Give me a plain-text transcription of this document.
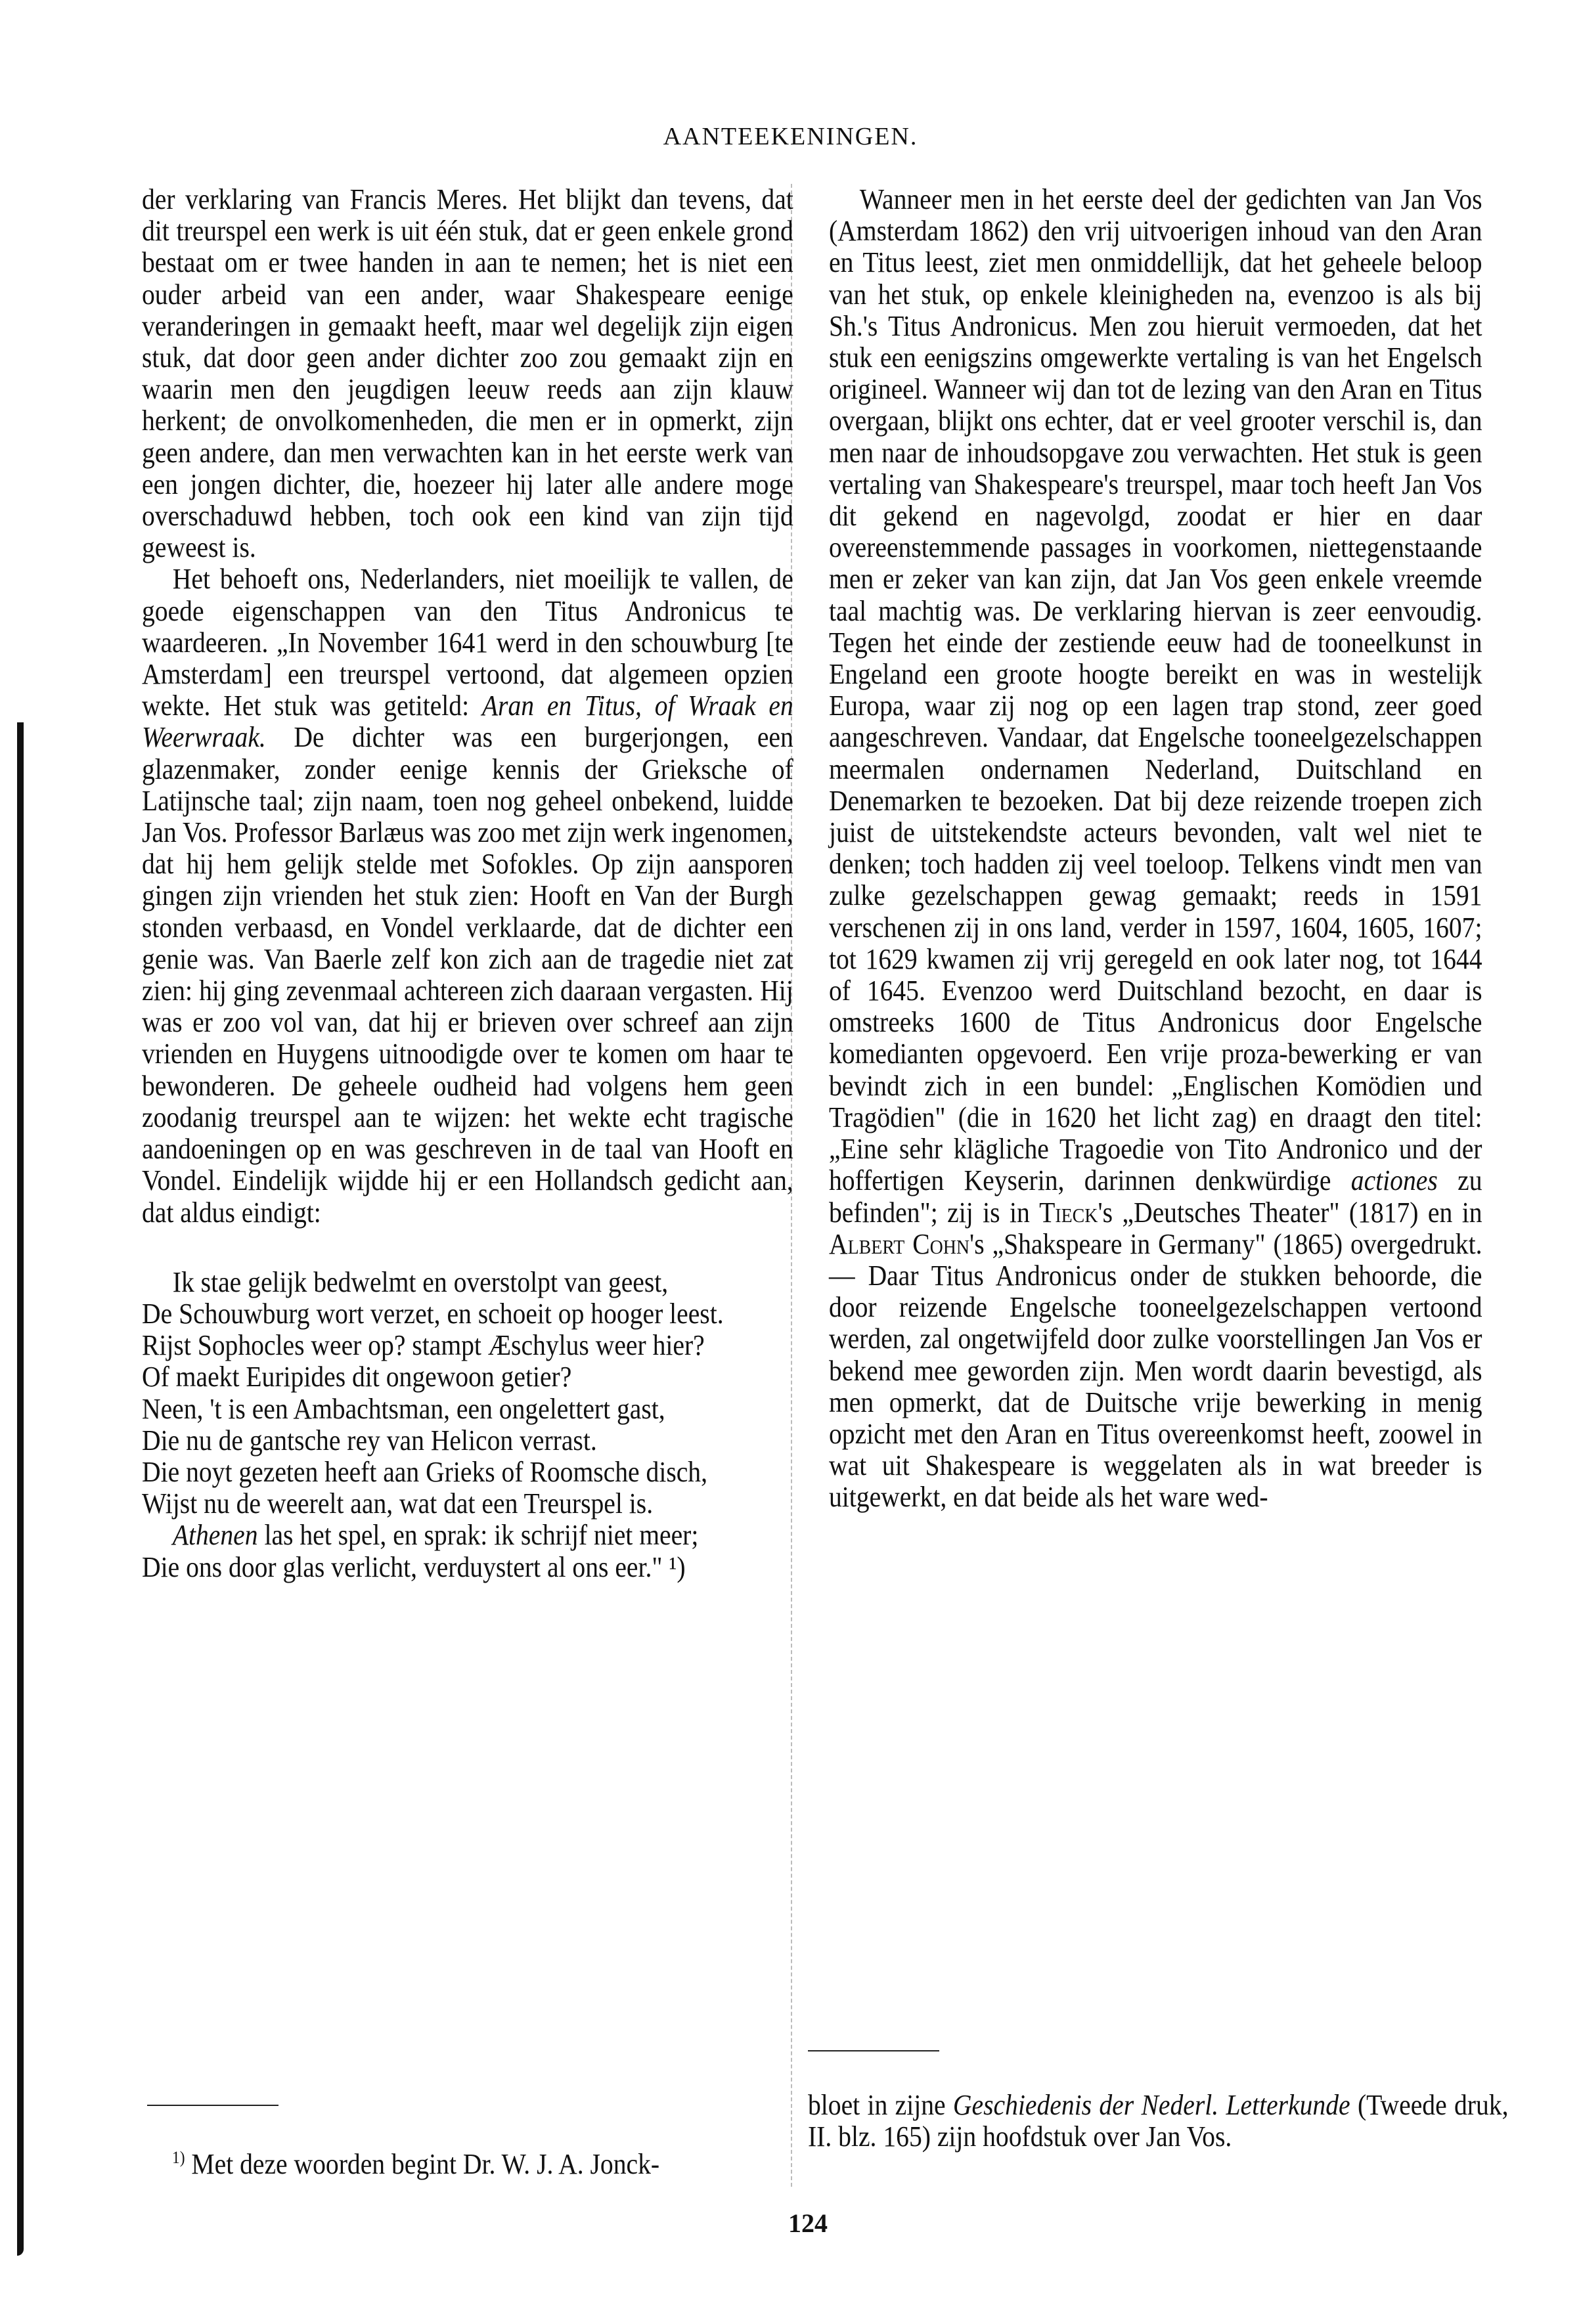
AANTEEKENINGEN.

der verklaring van Francis Meres. Het blijkt dan tevens, dat dit treurspel een werk is uit één stuk, dat er geen enkele grond bestaat om er twee handen in aan te nemen; het is niet een ouder arbeid van een ander, waar Shakespeare eenige veranderingen in gemaakt heeft, maar wel degelijk zijn eigen stuk, dat door geen ander dichter zoo zou gemaakt zijn en waarin men den jeugdigen leeuw reeds aan zijn klauw herkent; de onvolkomenheden, die men er in opmerkt, zijn geen andere, dan men verwachten kan in het eerste werk van een jongen dichter, die, hoezeer hij later alle andere moge overschaduwd hebben, toch ook een kind van zijn tijd geweest is.

Het behoeft ons, Nederlanders, niet moeilijk te vallen, de goede eigenschappen van den Titus Andronicus te waardeeren. „In November 1641 werd in den schouwburg [te Amsterdam] een treurspel vertoond, dat algemeen opzien wekte. Het stuk was getiteld: Aran en Titus, of Wraak en Weerwraak. De dichter was een burgerjongen, een glazenmaker, zonder eenige kennis der Grieksche of Latijnsche taal; zijn naam, toen nog geheel onbekend, luidde Jan Vos. Professor Barlæus was zoo met zijn werk ingenomen, dat hij hem gelijk stelde met Sofokles. Op zijn aansporen gingen zijn vrienden het stuk zien: Hooft en Van der Burgh stonden verbaasd, en Vondel verklaarde, dat de dichter een genie was. Van Baerle zelf kon zich aan de tragedie niet zat zien: hij ging zevenmaal achtereen zich daaraan vergasten. Hij was er zoo vol van, dat hij er brieven over schreef aan zijn vrienden en Huygens uitnoodigde over te komen om haar te bewonderen. De geheele oudheid had volgens hem geen zoodanig treurspel aan te wijzen: het wekte echt tragische aandoeningen op en was geschreven in de taal van Hooft en Vondel. Eindelijk wijdde hij er een Hollandsch gedicht aan, dat aldus eindigt:

Ik stae gelijk bedwelmt en overstolpt van geest,

De Schouwburg wort verzet, en schoeit op hooger leest.

Rijst Sophocles weer op? stampt Æschylus weer hier?

Of maekt Euripides dit ongewoon getier?

Neen, 't is een Ambachtsman, een ongelettert gast,

Die nu de gantsche rey van Helicon verrast.

Die noyt gezeten heeft aan Grieks of Roomsche disch,

Wijst nu de weerelt aan, wat dat een Treurspel is.

Athenen las het spel, en sprak: ik schrijf niet meer;

Die ons door glas verlicht, verduystert al ons eer." ¹)

$^{1)}$ Met deze woorden begint Dr. W. J. A. Jonck-

Wanneer men in het eerste deel der gedichten van Jan Vos (Amsterdam 1862) den vrij uitvoerigen inhoud van den Aran en Titus leest, ziet men onmiddellijk, dat het geheele beloop van het stuk, op enkele kleinigheden na, evenzoo is als bij Sh.'s Titus Andronicus. Men zou hieruit vermoeden, dat het stuk een eenigszins omgewerkte vertaling is van het Engelsch origineel. Wanneer wij dan tot de lezing van den Aran en Titus overgaan, blijkt ons echter, dat er veel grooter verschil is, dan men naar de inhoudsopgave zou verwachten. Het stuk is geen vertaling van Shakespeare's treurspel, maar toch heeft Jan Vos dit gekend en nagevolgd, zoodat er hier en daar overeenstemmende passages in voorkomen, niettegenstaande men er zeker van kan zijn, dat Jan Vos geen enkele vreemde taal machtig was. De verklaring hiervan is zeer eenvoudig. Tegen het einde der zestiende eeuw had de tooneelkunst in Engeland een groote hoogte bereikt en was in westelijk Europa, waar zij nog op een lagen trap stond, zeer goed aangeschreven. Vandaar, dat Engelsche tooneelgezelschappen meermalen ondernamen Nederland, Duitschland en Denemarken te bezoeken. Dat bij deze reizende troepen zich juist de uitstekendste acteurs bevonden, valt wel niet te denken; toch hadden zij veel toeloop. Telkens vindt men van zulke gezelschappen gewag gemaakt; reeds in 1591 verschenen zij in ons land, verder in 1597, 1604, 1605, 1607; tot 1629 kwamen zij vrij geregeld en ook later nog, tot 1644 of 1645. Evenzoo werd Duitschland bezocht, en daar is omstreeks 1600 de Titus Andronicus door Engelsche komedianten opgevoerd. Een vrije proza-bewerking er van bevindt zich in een bundel: „Englischen Komödien und Tragödien" (die in 1620 het licht zag) en draagt den titel: „Eine sehr klägliche Tragoedie von Tito Andronico und der hoffertigen Keyserin, darinnen denkwürdige actiones zu befinden"; zij is in Tieck's „Deutsches Theater" (1817) en in Albert Cohn's „Shakspeare in Germany" (1865) overgedrukt. — Daar Titus Andronicus onder de stukken behoorde, die door reizende Engelsche tooneelgezelschappen vertoond werden, zal ongetwijfeld door zulke voorstellingen Jan Vos er bekend mee geworden zijn. Men wordt daarin bevestigd, als men opmerkt, dat de Duitsche vrije bewerking in menig opzicht met den Aran en Titus overeenkomst heeft, zoowel in wat uit Shakespeare is weggelaten als in wat breeder is uitgewerkt, en dat beide als het ware wed-

bloet in zijne Geschiedenis der Nederl. Letterkunde (Tweede druk, II. blz. 165) zijn hoofdstuk over Jan Vos.
124
